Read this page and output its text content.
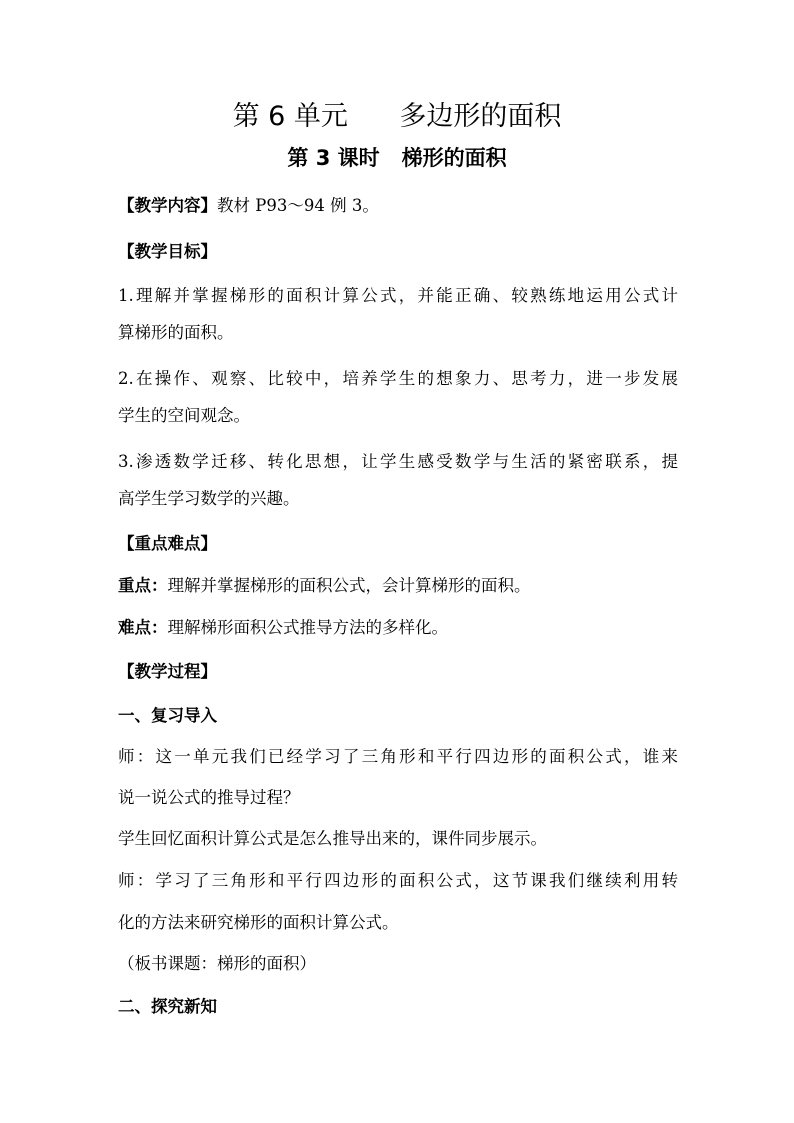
第 6 单元      多边形的面积
第 3 课时   梯形的面积
【教学内容】教材 P93～94 例 3。
【教学目标】
1.理解并掌握梯形的面积计算公式，并能正确、较熟练地运用公式计
算梯形的面积。
2.在操作、观察、比较中，培养学生的想象力、思考力，进一步发展
学生的空间观念。
3.渗透数学迁移、转化思想，让学生感受数学与生活的紧密联系，提
高学生学习数学的兴趣。
【重点难点】
重点：理解并掌握梯形的面积公式，会计算梯形的面积。
难点：理解梯形面积公式推导方法的多样化。
【教学过程】
一、复习导入
师：这一单元我们已经学习了三角形和平行四边形的面积公式，谁来
说一说公式的推导过程？
学生回忆面积计算公式是怎么推导出来的，课件同步展示。
师：学习了三角形和平行四边形的面积公式，这节课我们继续利用转
化的方法来研究梯形的面积计算公式。
（板书课题：梯形的面积）
二、探究新知
